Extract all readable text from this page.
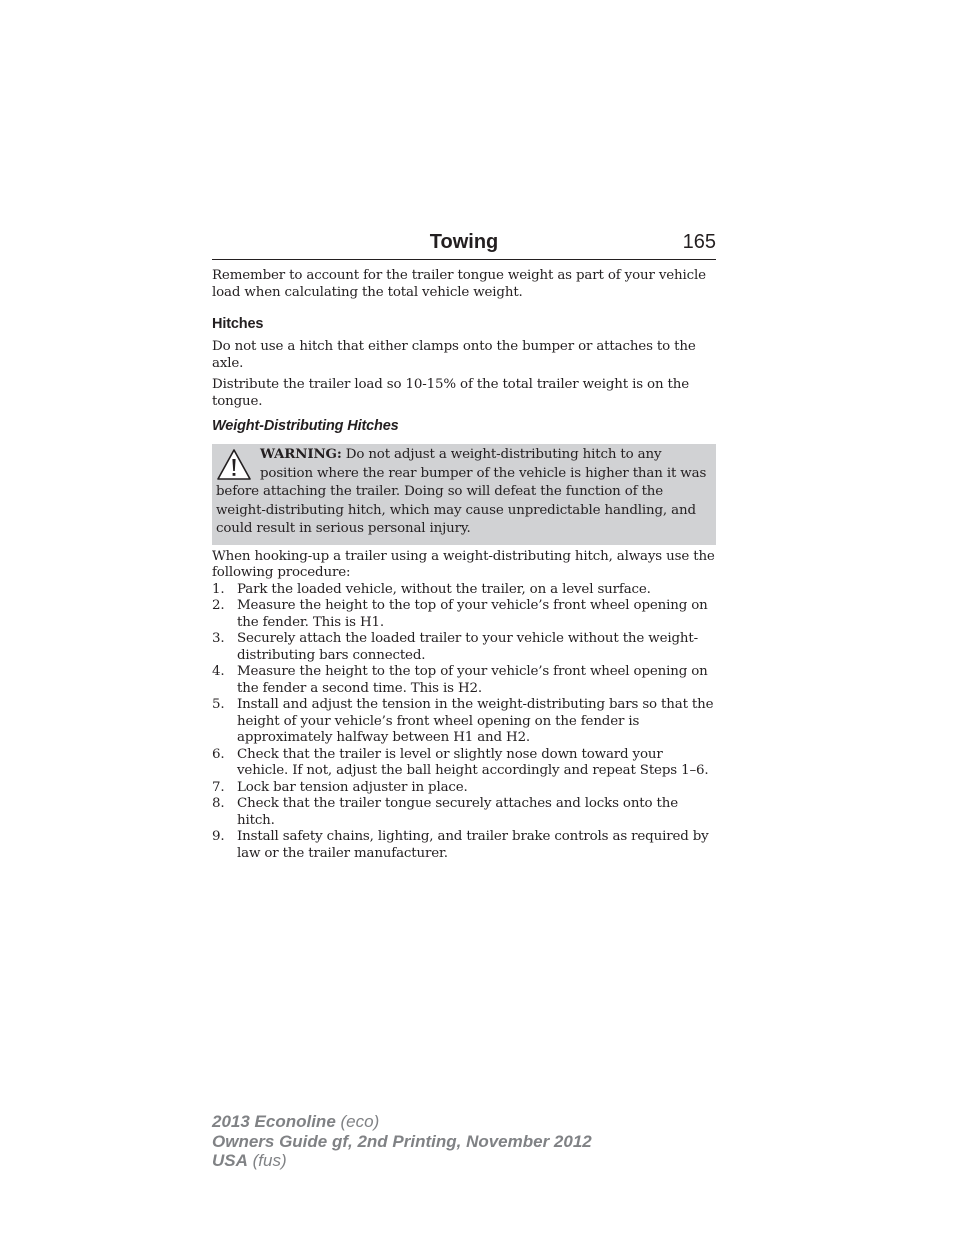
Towing	165

Remember to account for the trailer tongue weight as part of your vehicle load when calculating the total vehicle weight.

Hitches

Do not use a hitch that either clamps onto the bumper or attaches to the axle.

Distribute the trailer load so 10-15% of the total trailer weight is on the tongue.

Weight-Distributing Hitches
WARNING: Do not adjust a weight-distributing hitch to any position where the rear bumper of the vehicle is higher than it was before attaching the trailer. Doing so will defeat the function of the weight-distributing hitch, which may cause unpredictable handling, and could result in serious personal injury.

When hooking-up a trailer using a weight-distributing hitch, always use the following procedure:

1. Park the loaded vehicle, without the trailer, on a level surface.
2. Measure the height to the top of your vehicle’s front wheel opening on the fender. This is H1.
3. Securely attach the loaded trailer to your vehicle without the weight-distributing bars connected.
4. Measure the height to the top of your vehicle’s front wheel opening on the fender a second time. This is H2.
5. Install and adjust the tension in the weight-distributing bars so that the height of your vehicle’s front wheel opening on the fender is approximately halfway between H1 and H2.
6. Check that the trailer is level or slightly nose down toward your vehicle. If not, adjust the ball height accordingly and repeat Steps 1–6.
7. Lock bar tension adjuster in place.
8. Check that the trailer tongue securely attaches and locks onto the hitch.
9. Install safety chains, lighting, and trailer brake controls as required by law or the trailer manufacturer.
2013 Econoline (eco)
Owners Guide gf, 2nd Printing, November 2012
USA (fus)
